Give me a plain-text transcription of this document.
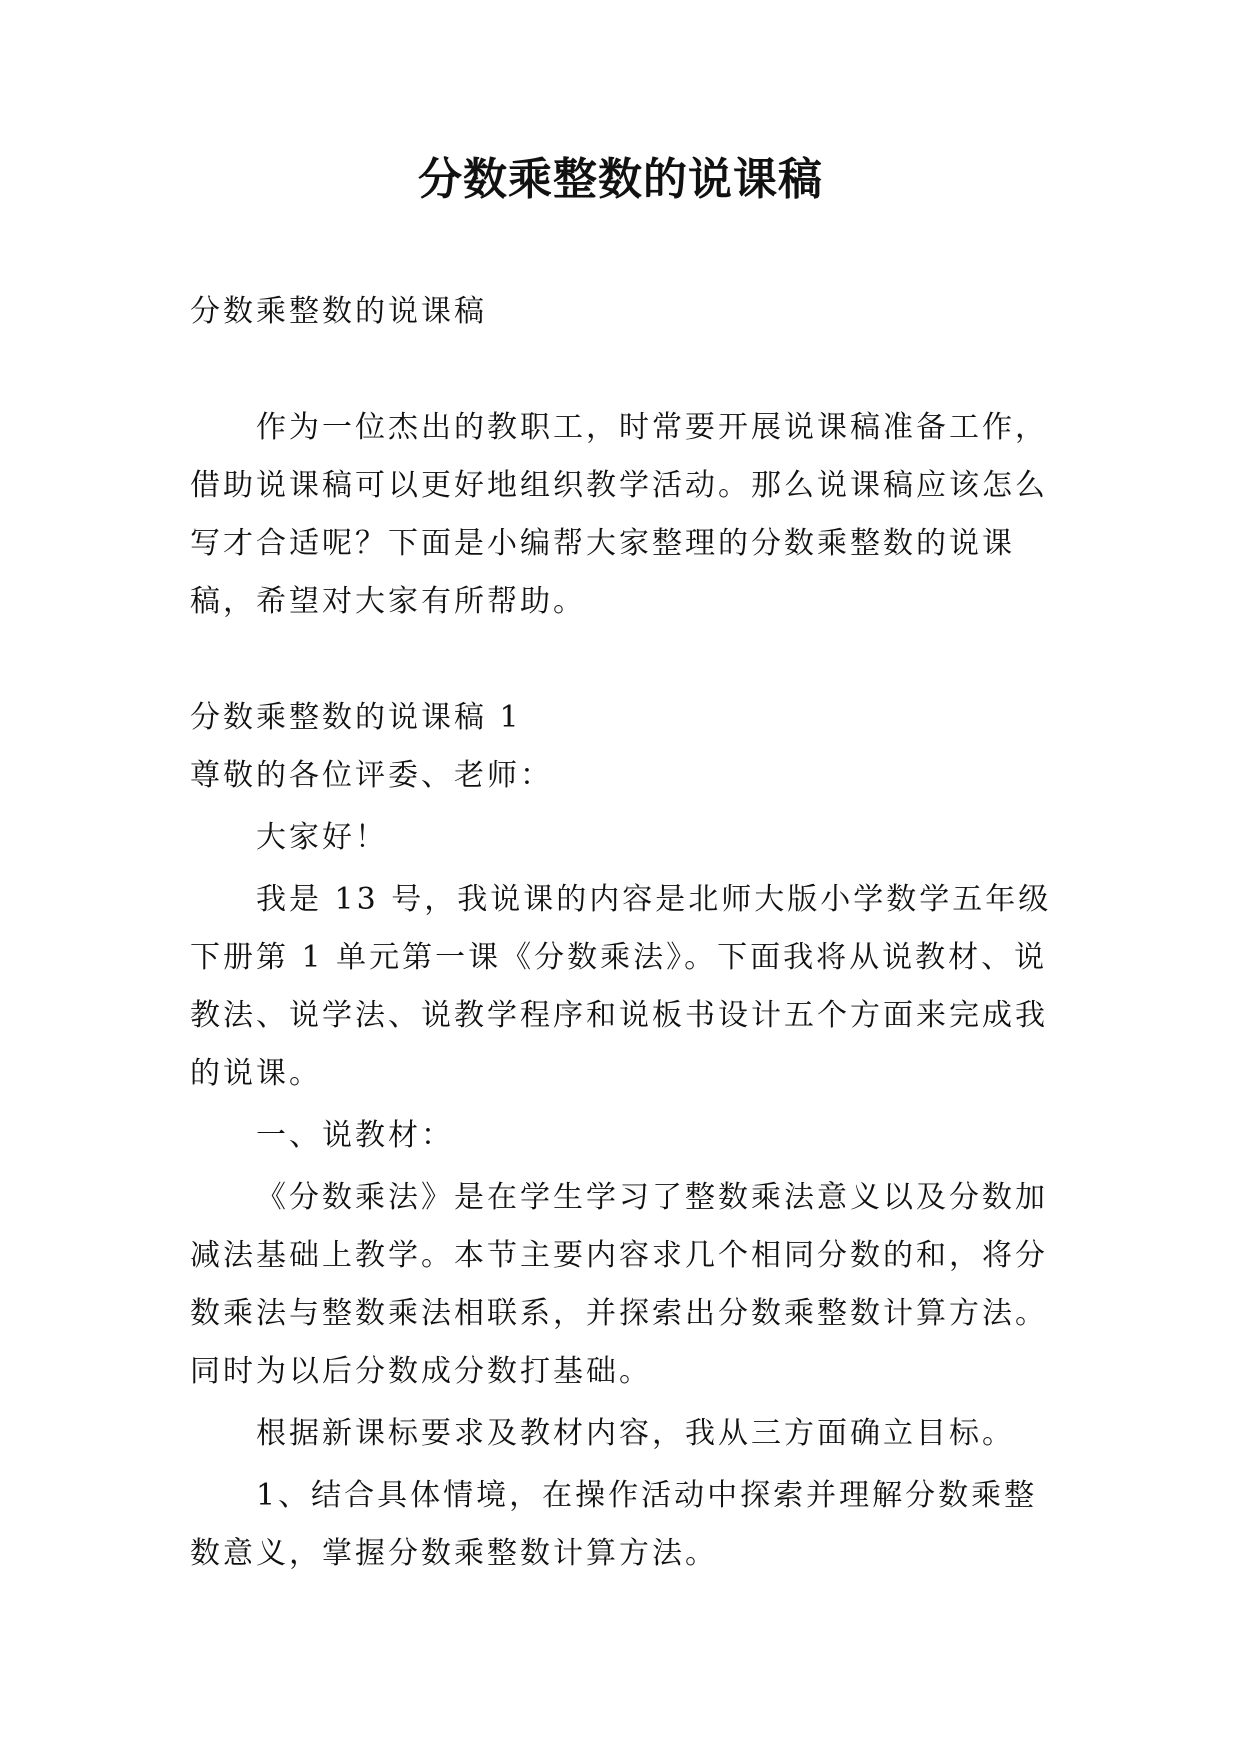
分数乘整数的说课稿

分数乘整数的说课稿

作为一位杰出的教职工，时常要开展说课稿准备工作，借助说课稿可以更好地组织教学活动。那么说课稿应该怎么写才合适呢？下面是小编帮大家整理的分数乘整数的说课稿，希望对大家有所帮助。

分数乘整数的说课稿 1

尊敬的各位评委、老师：

大家好！

我是 13 号，我说课的内容是北师大版小学数学五年级下册第 1 单元第一课《分数乘法》。下面我将从说教材、说教法、说学法、说教学程序和说板书设计五个方面来完成我的说课。

一、说教材：

《分数乘法》是在学生学习了整数乘法意义以及分数加减法基础上教学。本节主要内容求几个相同分数的和，将分数乘法与整数乘法相联系，并探索出分数乘整数计算方法。同时为以后分数成分数打基础。

根据新课标要求及教材内容，我从三方面确立目标。

1、结合具体情境，在操作活动中探索并理解分数乘整数意义，掌握分数乘整数计算方法。
